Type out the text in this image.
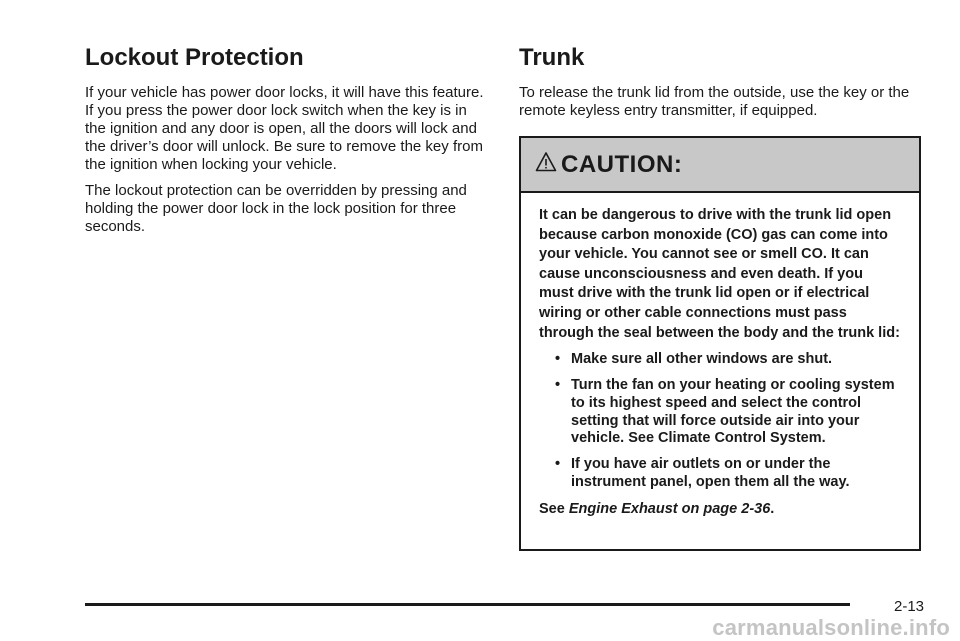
Lockout Protection

If your vehicle has power door locks, it will have this feature. If you press the power door lock switch when the key is in the ignition and any door is open, all the doors will lock and the driver’s door will unlock. Be sure to remove the key from the ignition when locking your vehicle.

The lockout protection can be overridden by pressing and holding the power door lock in the lock position for three seconds.

Trunk

To release the trunk lid from the outside, use the key or the remote keyless entry transmitter, if equipped.

CAUTION:

It can be dangerous to drive with the trunk lid open because carbon monoxide (CO) gas can come into your vehicle. You cannot see or smell CO. It can cause unconsciousness and even death. If you must drive with the trunk lid open or if electrical wiring or other cable connections must pass through the seal between the body and the trunk lid:

• Make sure all other windows are shut.
• Turn the fan on your heating or cooling system to its highest speed and select the control setting that will force outside air into your vehicle. See Climate Control System.
• If you have air outlets on or under the instrument panel, open them all the way.

See Engine Exhaust on page 2-36.

2-13
carmanualsonline.info
